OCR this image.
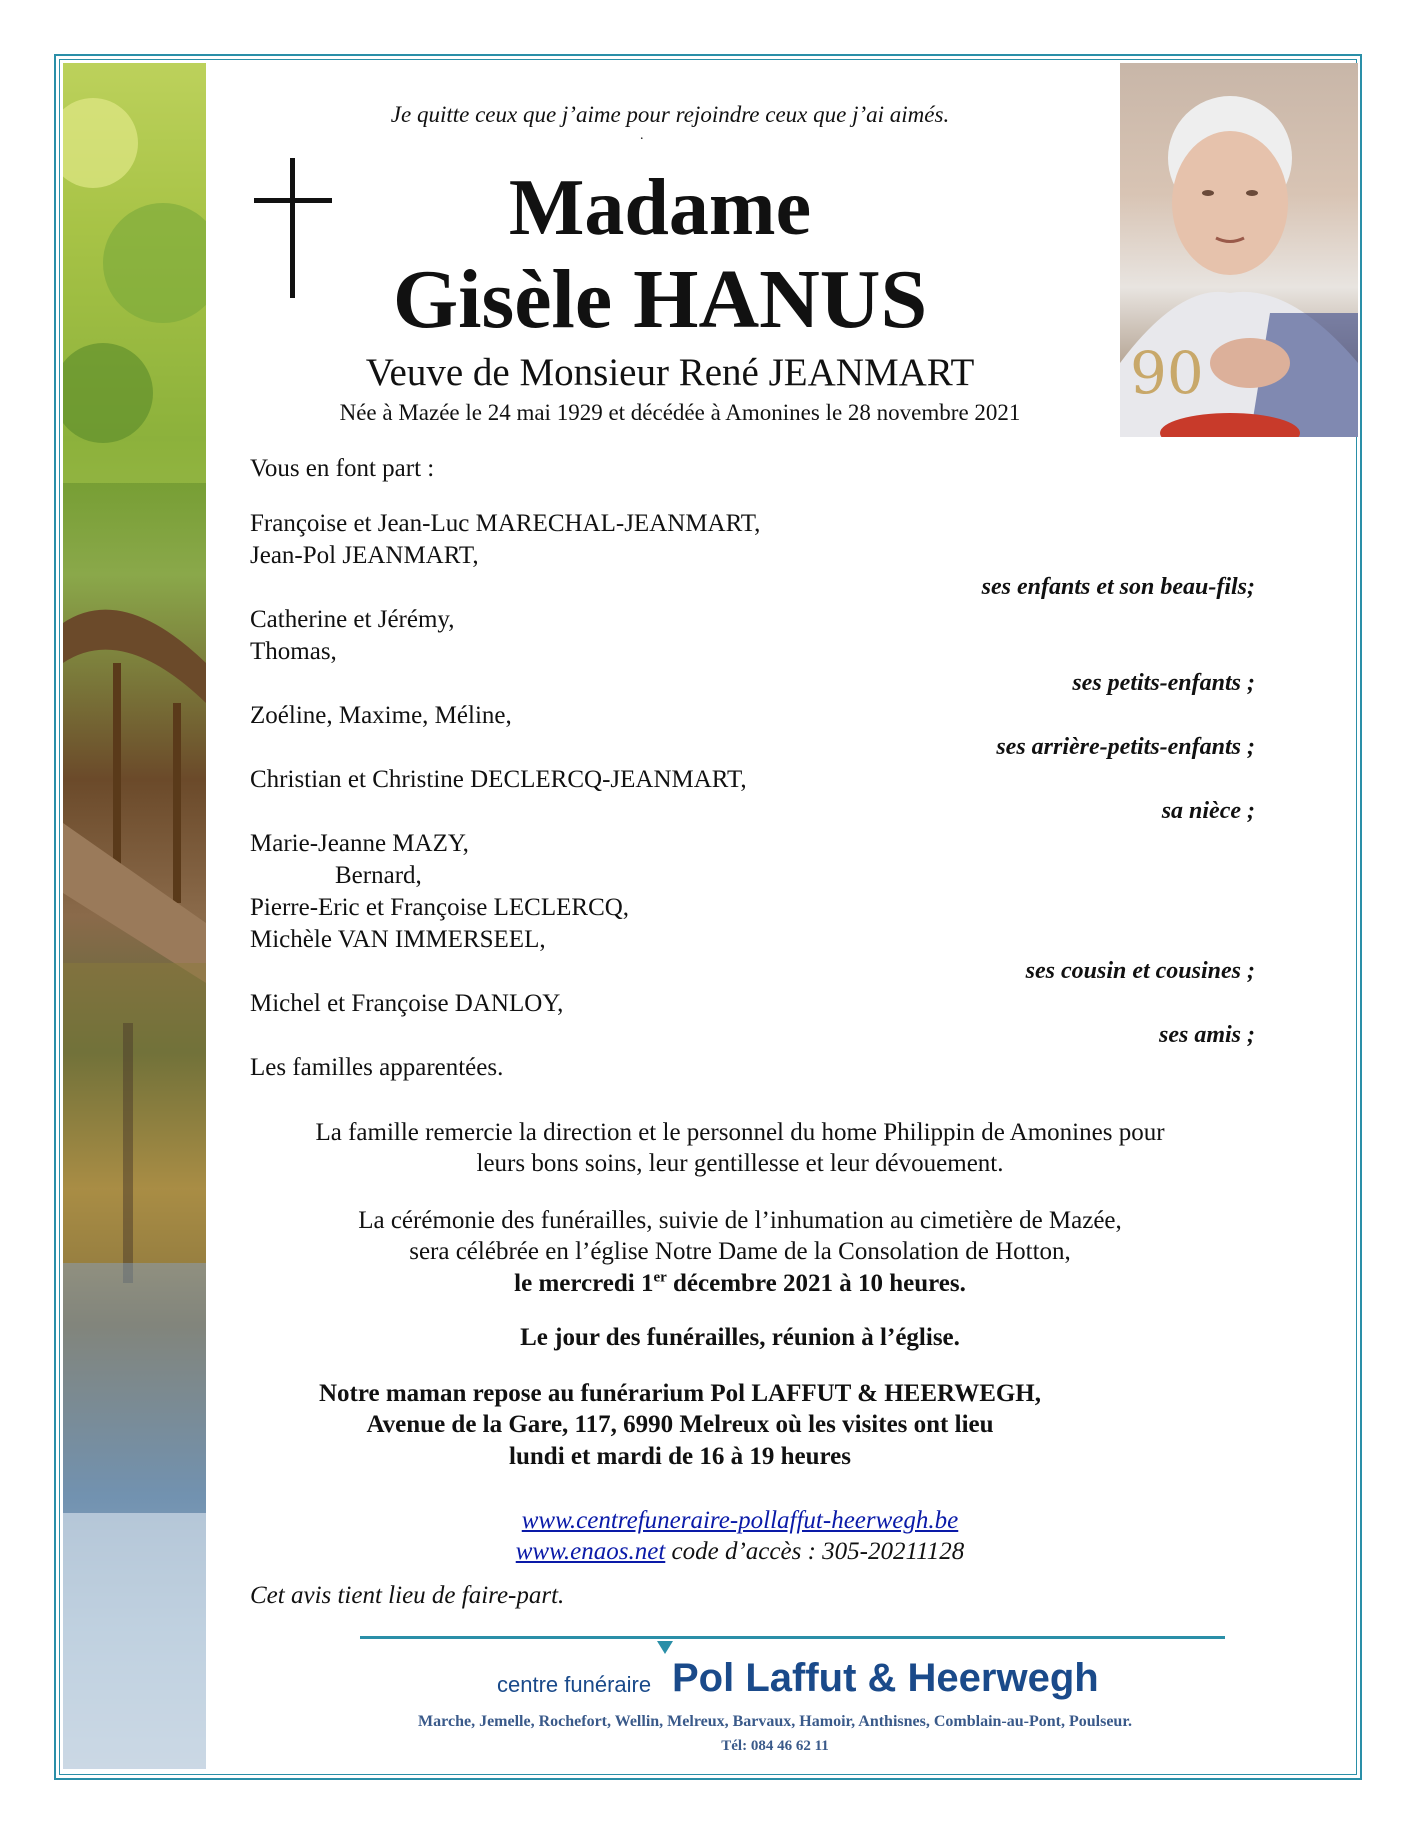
90
Je quitte ceux que j’aime pour rejoindre ceux que j’ai aimés.
.
Madame
Gisèle HANUS
Veuve de Monsieur René JEANMART
Née à Mazée le 24 mai 1929 et décédée à Amonines le 28 novembre 2021
Vous en font part :
Françoise et Jean-Luc MARECHAL-JEANMART,
Jean-Pol JEANMART,
ses enfants et son beau-fils;
Catherine et Jérémy,
Thomas,
ses petits-enfants ;
Zoéline, Maxime, Méline,
ses arrière-petits-enfants ;
Christian et Christine DECLERCQ-JEANMART,
sa nièce ;
Marie-Jeanne MAZY,
Bernard,
Pierre-Eric et Françoise LECLERCQ,
Michèle VAN IMMERSEEL,
ses cousin et cousines ;
Michel et Françoise DANLOY,
ses amis ;
Les familles apparentées.
La famille remercie la direction et le personnel du home Philippin de Amonines pour
leurs bons soins, leur gentillesse et leur dévouement.
La cérémonie des funérailles, suivie de l’inhumation au cimetière de Mazée,
sera célébrée en l’église Notre Dame de la Consolation de Hotton,
le mercredi 1er décembre 2021 à 10 heures.
Le jour des funérailles, réunion à l’église.
Notre maman repose au funérarium Pol LAFFUT & HEERWEGH,
Avenue de la Gare, 117, 6990 Melreux où les visites ont lieu
lundi et mardi de 16 à 19 heures
www.centrefuneraire-pollaffut-heerwegh.be
www.enaos.net code d’accès : 305-20211128
Cet avis tient lieu de faire-part.
centre funéraire Pol Laffut & Heerwegh
Marche, Jemelle, Rochefort, Wellin, Melreux, Barvaux, Hamoir, Anthisnes, Comblain-au-Pont, Poulseur.
Tél: 084 46 62 11
